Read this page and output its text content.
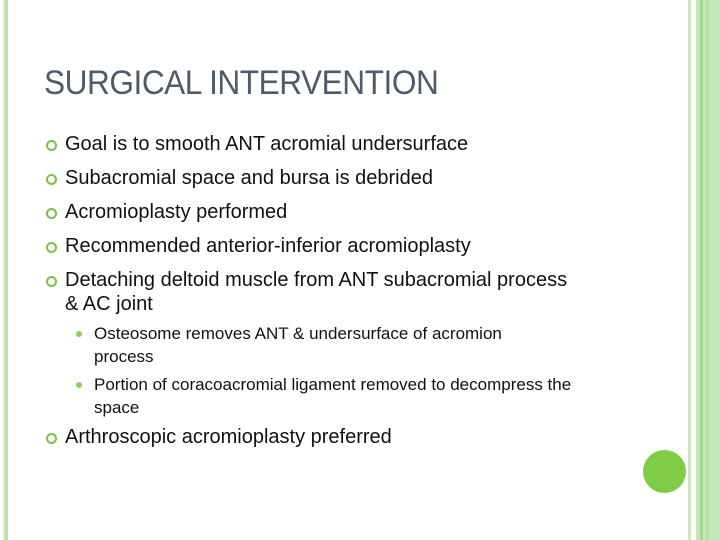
SURGICAL INTERVENTION
Goal is to smooth ANT acromial undersurface
Subacromial space and bursa is debrided
Acromioplasty performed
Recommended anterior-inferior acromioplasty
Detaching deltoid muscle from ANT subacromial process & AC joint
Osteosome removes ANT & undersurface of acromion process
Portion of coracoacromial ligament removed to decompress the space
Arthroscopic acromioplasty preferred
